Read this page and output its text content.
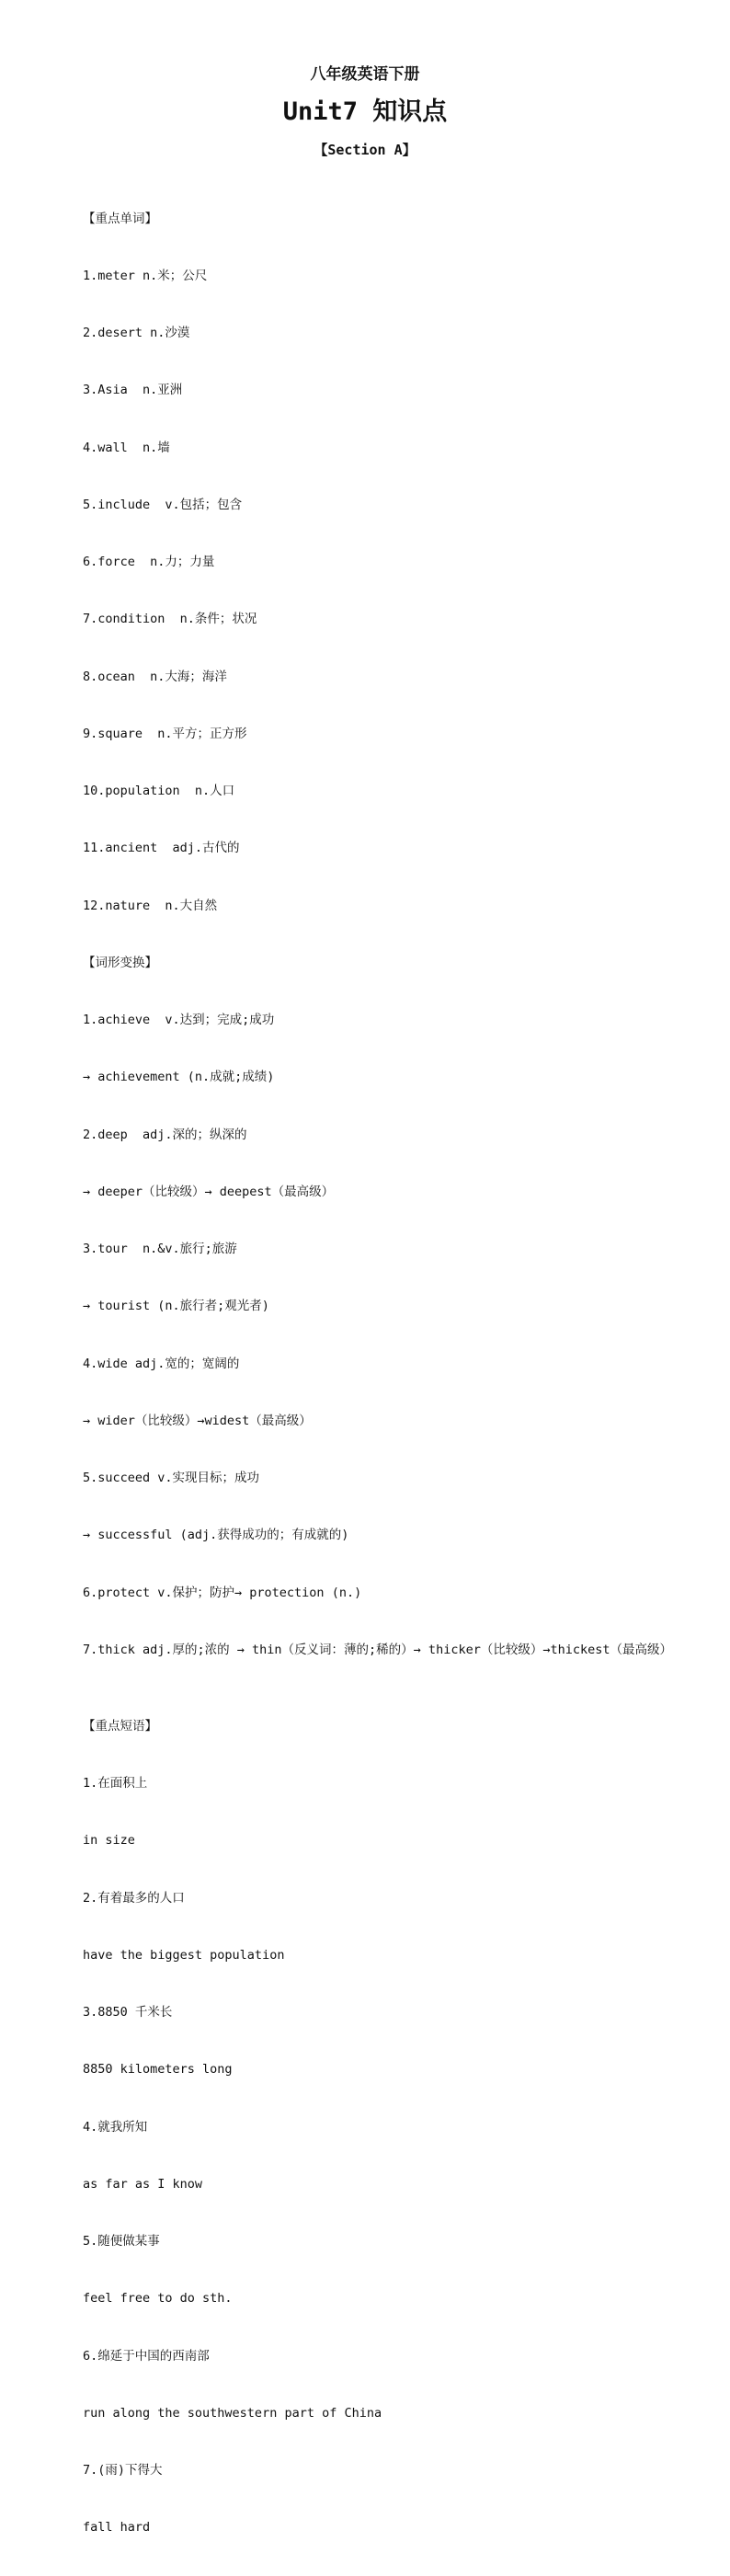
八年级英语下册
Unit7 知识点
【Section A】

【重点单词】

1.meter n.米；公尺

2.desert n.沙漠

3.Asia  n.亚洲

4.wall  n.墙

5.include  v.包括；包含

6.force  n.力；力量

7.condition  n.条件；状况

8.ocean  n.大海；海洋

9.square  n.平方；正方形

10.population  n.人口

11.ancient  adj.古代的

12.nature  n.大自然

【词形变换】

1.achieve  v.达到；完成;成功

→ achievement (n.成就;成绩)

2.deep  adj.深的；纵深的

→ deeper（比较级）→ deepest（最高级）

3.tour  n.&v.旅行;旅游

→ tourist (n.旅行者;观光者)

4.wide adj.宽的；宽阔的

→ wider（比较级）→widest（最高级）

5.succeed v.实现目标；成功

→ successful (adj.获得成功的；有成就的)

6.protect v.保护；防护→ protection (n.)

7.thick adj.厚的;浓的 → thin（反义词：薄的;稀的）→ thicker（比较级）→thickest（最高级）

【重点短语】

1.在面积上

in size

2.有着最多的人口

have the biggest population

3.8850 千米长

8850 kilometers long

4.就我所知

as far as I know

5.随便做某事

feel free to do sth.

6.绵延于中国的西南部

run along the southwestern part of China

7.(雨)下得大

fall hard
